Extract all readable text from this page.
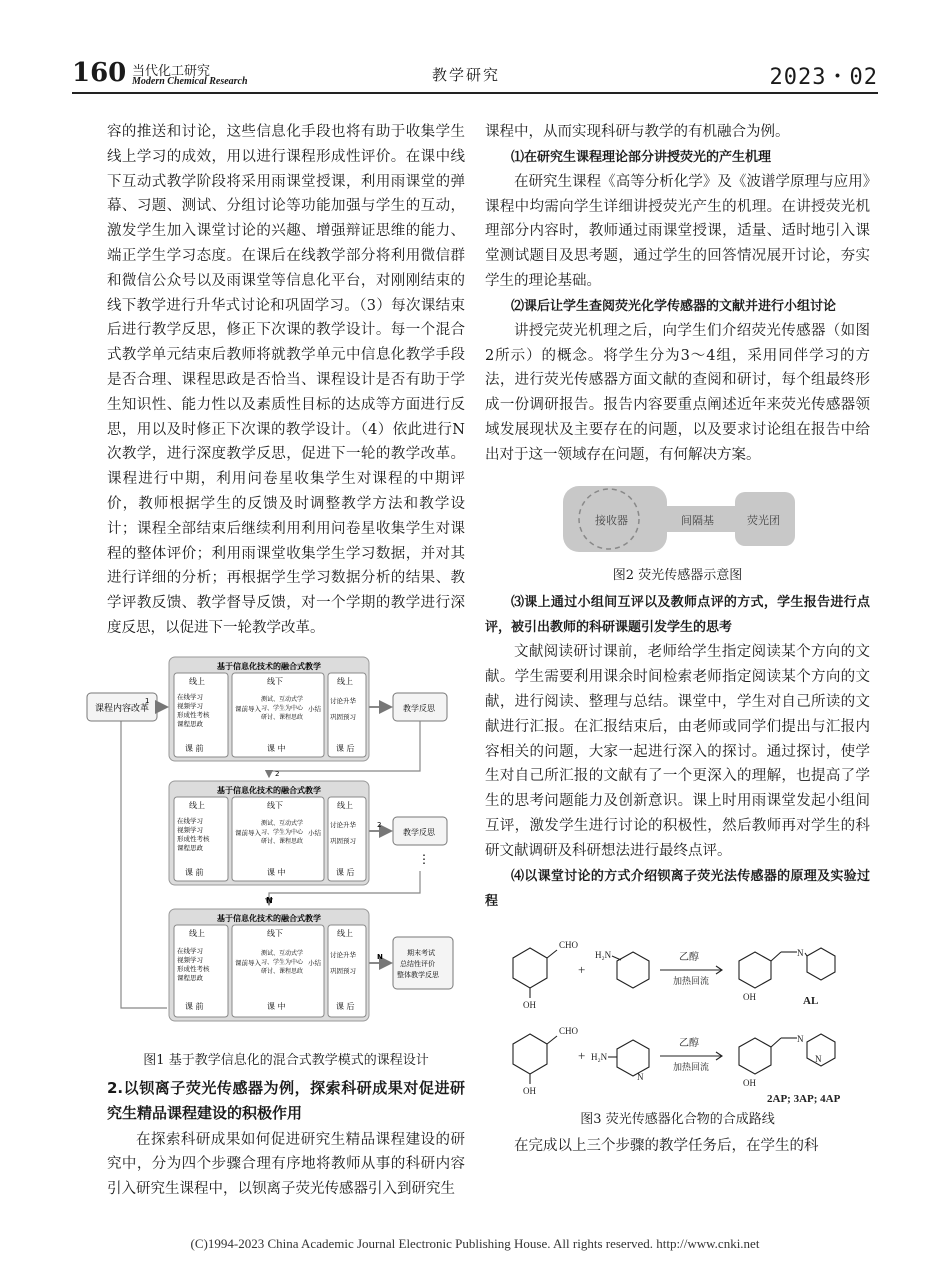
160 当代化工研究
Modern Chemical Research	教学研究	2023・02

容的推送和讨论，这些信息化手段也将有助于收集学生线上学习的成效，用以进行课程形成性评价。在课中线下互动式教学阶段将采用雨课堂授课，利用雨课堂的弹幕、习题、测试、分组讨论等功能加强与学生的互动，激发学生加入课堂讨论的兴趣、增强辩证思维的能力、端正学生学习态度。在课后在线教学部分将利用微信群和微信公众号以及雨课堂等信息化平台，对刚刚结束的线下教学进行升华式讨论和巩固学习。（3）每次课结束后进行教学反思，修正下次课的教学设计。每一个混合式教学单元结束后教师将就教学单元中信息化教学手段是否合理、课程思政是否恰当、课程设计是否有助于学生知识性、能力性以及素质性目标的达成等方面进行反思，用以及时修正下次课的教学设计。（4）依此进行N次教学，进行深度教学反思，促进下一轮的教学改革。课程进行中期，利用问卷星收集学生对课程的中期评价，教师根据学生的反馈及时调整教学方法和教学设计；课程全部结束后继续利用利用问卷星收集学生对课程的整体评价；利用雨课堂收集学生学习数据，并对其进行详细的分析；再根据学生学习数据分析的结果、教学评教反馈、教学督导反馈，对一个学期的教学进行深度反思，以促进下一轮教学改革。

课程内容改革
基于信息化技术的融合式教学
线上	线下	线上
在线学习
视频学习
形成性考核
课程思政
课前导入
测试、互动式学
习、学生为中心
研讨、课程思政
小结
讨论升华
巩固预习
课 前	课 中	课 后
1
教学反思
2
基于信息化技术的融合式教学
线上	线下	线上
在线学习
视频学习
形成性考核
课程思政
课前导入
测试、互动式学
习、学生为中心
研讨、课程思政
小结
讨论升华
巩固预习
课 前	课 中	课 后
2
教学反思
⋮
N
基于信息化技术的融合式教学
线上	线下	线上
在线学习
视频学习
形成性考核
课程思政
课前导入
测试、互动式学
习、学生为中心
研讨、课程思政
小结
讨论升华
巩固预习
课 前	课 中	课 后
N	期末考试
总结性评价
整体教学反思

图1 基于教学信息化的混合式教学模式的课程设计

2.以钡离子荧光传感器为例，探索科研成果对促进研究生精品课程建设的积极作用

在探索科研成果如何促进研究生精品课程建设的研究中，分为四个步骤合理有序地将教师从事的科研内容引入研究生课程中，以钡离子荧光传感器引入到研究生

课程中，从而实现科研与教学的有机融合为例。

⑴在研究生课程理论部分讲授荧光的产生机理

在研究生课程《高等分析化学》及《波谱学原理与应用》课程中均需向学生详细讲授荧光产生的机理。在讲授荧光机理部分内容时，教师通过雨课堂授课，适量、适时地引入课堂测试题目及思考题，通过学生的回答情况展开讨论，夯实学生的理论基础。

⑵课后让学生查阅荧光化学传感器的文献并进行小组讨论

讲授完荧光机理之后，向学生们介绍荧光传感器（如图2所示）的概念。将学生分为3～4组，采用同伴学习的方法，进行荧光传感器方面文献的查阅和研讨，每个组最终形成一份调研报告。报告内容要重点阐述近年来荧光传感器领域发展现状及主要存在的问题，以及要求讨论组在报告中给出对于这一领域存在问题，有何解决方案。

接收器	间隔基	荧光团

图2 荧光传感器示意图

⑶课上通过小组间互评以及教师点评的方式，学生报告进行点评，被引出教师的科研课题引发学生的思考

文献阅读研讨课前，老师给学生指定阅读某个方向的文献。学生需要利用课余时间检索老师指定阅读某个方向的文献，进行阅读、整理与总结。课堂中，学生对自己所读的文献进行汇报。在汇报结束后，由老师或同学们提出与汇报内容相关的问题，大家一起进行深入的探讨。通过探讨，使学生对自己所汇报的文献有了一个更深入的理解，也提高了学生的思考问题能力及创新意识。课上时用雨课堂发起小组间互评，激发学生进行讨论的积极性，然后教师再对学生的科研文献调研及科研想法进行最终点评。

⑷以课堂讨论的方式介绍钡离子荧光法传感器的原理及实验过程

CHO
OH
+
H₂N	乙醇
加热回流
N
OH	AL
CHO
OH
+ H₂N
N
乙醇
加热回流
N
N
OH
2AP; 3AP; 4AP

图3 荧光传感器化合物的合成路线

在完成以上三个步骤的教学任务后，在学生的科

(C)1994-2023 China Academic Journal Electronic Publishing House. All rights reserved. http://www.cnki.net
